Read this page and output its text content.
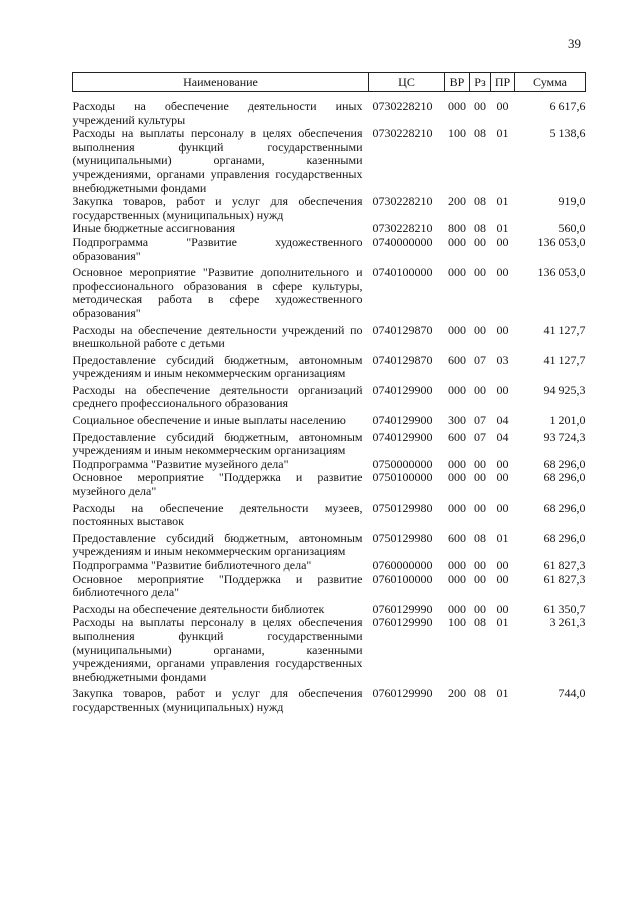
39
Наименование	ЦС	ВР	Рз	ПР	Сумма
Расходы на обеспечение деятельности иных учреждений культуры	0730228210	000	00	00	6 617,6
Расходы на выплаты персоналу в целях обеспечения выполнения функций государственными (муниципальными) органами, казенными учреждениями, органами управления государственных внебюджетными фондами	0730228210	100	08	01	5 138,6
Закупка товаров, работ и услуг для обеспечения государственных (муниципальных) нужд	0730228210	200	08	01	919,0
Иные бюджетные ассигнования	0730228210	800	08	01	560,0
Подпрограмма "Развитие художественного образования"	0740000000	000	00	00	136 053,0
Основное мероприятие "Развитие дополнительного и профессионального образования в сфере культуры, методическая работа в сфере художественного образования"	0740100000	000	00	00	136 053,0
Расходы на обеспечение деятельности учреждений по внешкольной работе с детьми	0740129870	000	00	00	41 127,7
Предоставление субсидий бюджетным, автономным учреждениям и иным некоммерческим организациям	0740129870	600	07	03	41 127,7
Расходы на обеспечение деятельности организаций среднего профессионального образования	0740129900	000	00	00	94 925,3
Социальное обеспечение и иные выплаты населению	0740129900	300	07	04	1 201,0
Предоставление субсидий бюджетным, автономным учреждениям и иным некоммерческим организациям	0740129900	600	07	04	93 724,3
Подпрограмма "Развитие музейного дела"	0750000000	000	00	00	68 296,0
Основное мероприятие "Поддержка и развитие музейного дела"	0750100000	000	00	00	68 296,0
Расходы на обеспечение деятельности музеев, постоянных выставок	0750129980	000	00	00	68 296,0
Предоставление субсидий бюджетным, автономным учреждениям и иным некоммерческим организациям	0750129980	600	08	01	68 296,0
Подпрограмма "Развитие библиотечного дела"	0760000000	000	00	00	61 827,3
Основное мероприятие "Поддержка и развитие библиотечного дела"	0760100000	000	00	00	61 827,3
Расходы на обеспечение деятельности библиотек	0760129990	000	00	00	61 350,7
Расходы на выплаты персоналу в целях обеспечения выполнения функций государственными (муниципальными) органами, казенными учреждениями, органами управления государственных внебюджетными фондами	0760129990	100	08	01	3 261,3
Закупка товаров, работ и услуг для обеспечения государственных (муниципальных) нужд	0760129990	200	08	01	744,0
